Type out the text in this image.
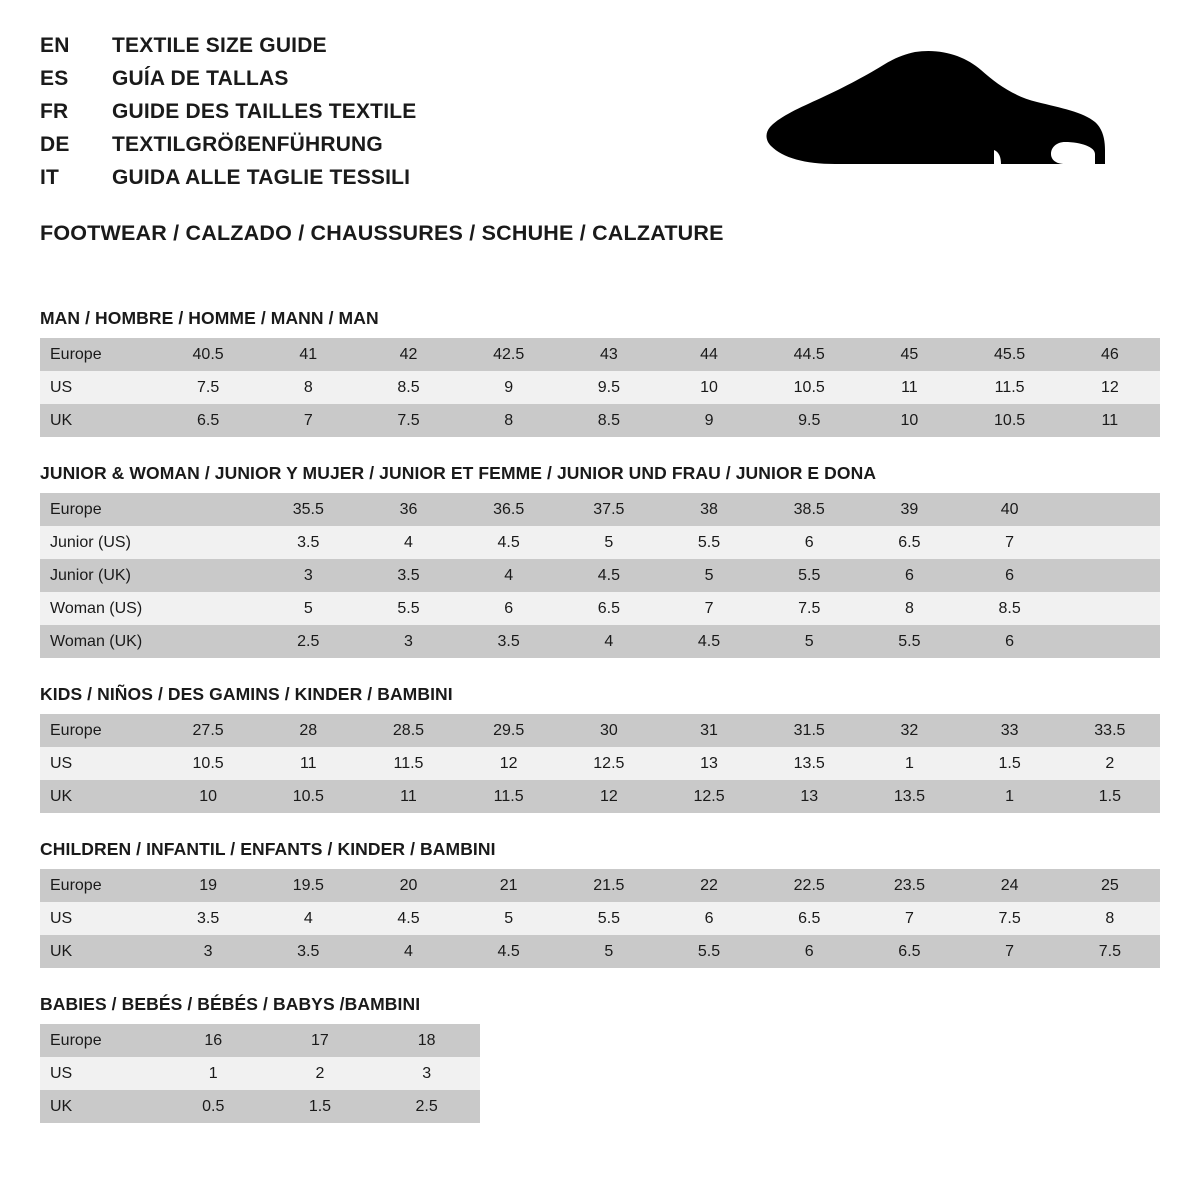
EN	TEXTILE SIZE GUIDE
ES	GUÍA DE TALLAS
FR	GUIDE DES TAILLES TEXTILE
DE	TEXTILGRÖßENFÜHRUNG
IT	GUIDA ALLE TAGLIE TESSILI
FOOTWEAR / CALZADO / CHAUSSURES / SCHUHE / CALZATURE
MAN / HOMBRE / HOMME / MANN / MAN
Europe	40.5	41	42	42.5	43	44	44.5	45	45.5	46
US	7.5	8	8.5	9	9.5	10	10.5	11	11.5	12
UK	6.5	7	7.5	8	8.5	9	9.5	10	10.5	11
JUNIOR & WOMAN / JUNIOR Y MUJER / JUNIOR ET FEMME / JUNIOR UND FRAU / JUNIOR E DONA
Europe		35.5	36	36.5	37.5	38	38.5	39	40	
Junior (US)		3.5	4	4.5	5	5.5	6	6.5	7	
Junior (UK)		3	3.5	4	4.5	5	5.5	6	6	
Woman (US)		5	5.5	6	6.5	7	7.5	8	8.5	
Woman (UK)		2.5	3	3.5	4	4.5	5	5.5	6	
KIDS / NIÑOS / DES GAMINS / KINDER / BAMBINI
Europe	27.5	28	28.5	29.5	30	31	31.5	32	33	33.5
US	10.5	11	11.5	12	12.5	13	13.5	1	1.5	2
UK	10	10.5	11	11.5	12	12.5	13	13.5	1	1.5
CHILDREN / INFANTIL / ENFANTS / KINDER / BAMBINI
Europe	19	19.5	20	21	21.5	22	22.5	23.5	24	25
US	3.5	4	4.5	5	5.5	6	6.5	7	7.5	8
UK	3	3.5	4	4.5	5	5.5	6	6.5	7	7.5
BABIES / BEBÉS / BÉBÉS / BABYS /BAMBINI
Europe	16	17	18
US	1	2	3
UK	0.5	1.5	2.5
